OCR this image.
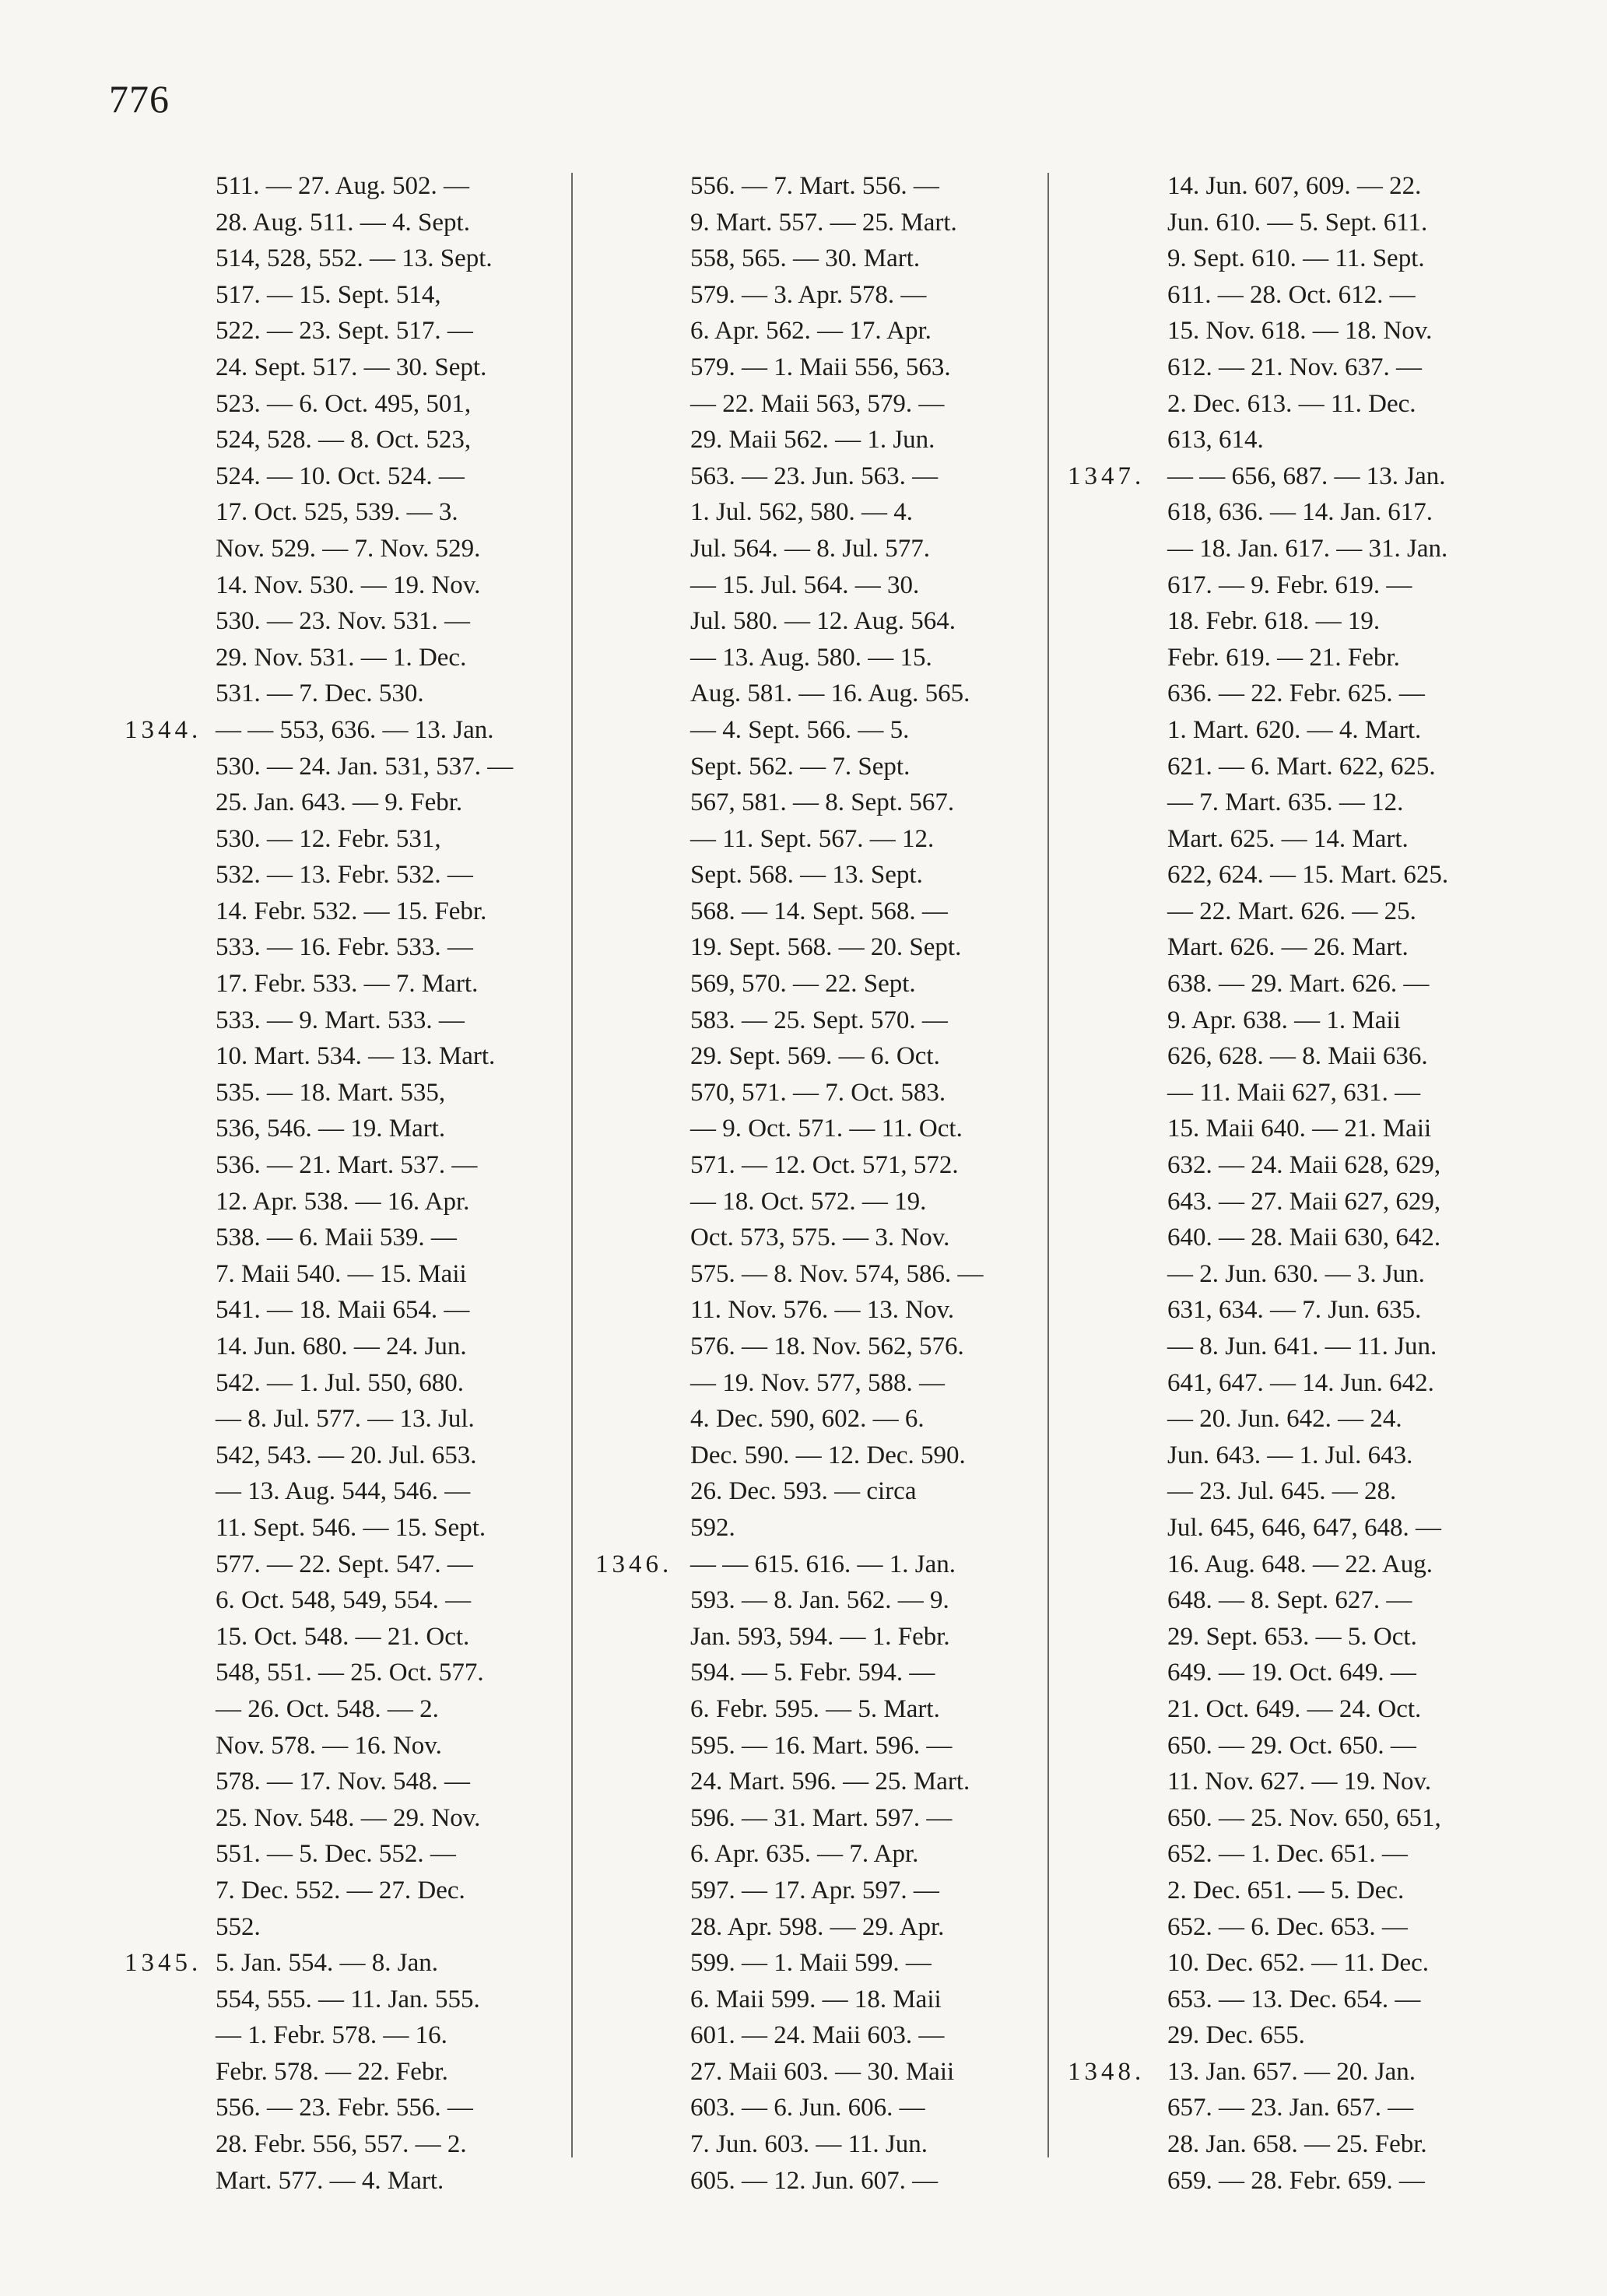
776
511. — 27. Aug. 502. —
28. Aug. 511. — 4. Sept.
514, 528, 552. — 13. Sept.
517. — 15. Sept. 514,
522. — 23. Sept. 517. —
24. Sept. 517. — 30. Sept.
523. — 6. Oct. 495, 501,
524, 528. — 8. Oct. 523,
524. — 10. Oct. 524. —
17. Oct. 525, 539. — 3.
Nov. 529. — 7. Nov. 529.
14. Nov. 530. — 19. Nov.
530. — 23. Nov. 531. —
29. Nov. 531. — 1. Dec.
531. — 7. Dec. 530.
1344. — — 553, 636. — 13. Jan.
530. — 24. Jan. 531, 537. —
25. Jan. 643. — 9. Febr.
530. — 12. Febr. 531,
532. — 13. Febr. 532. —
14. Febr. 532. — 15. Febr.
533. — 16. Febr. 533. —
17. Febr. 533. — 7. Mart.
533. — 9. Mart. 533. —
10. Mart. 534. — 13. Mart.
535. — 18. Mart. 535,
536, 546. — 19. Mart.
536. — 21. Mart. 537. —
12. Apr. 538. — 16. Apr.
538. — 6. Maii 539. —
7. Maii 540. — 15. Maii
541. — 18. Maii 654. —
14. Jun. 680. — 24. Jun.
542. — 1. Jul. 550, 680.
— 8. Jul. 577. — 13. Jul.
542, 543. — 20. Jul. 653.
— 13. Aug. 544, 546. —
11. Sept. 546. — 15. Sept.
577. — 22. Sept. 547. —
6. Oct. 548, 549, 554. —
15. Oct. 548. — 21. Oct.
548, 551. — 25. Oct. 577.
— 26. Oct. 548. — 2.
Nov. 578. — 16. Nov.
578. — 17. Nov. 548. —
25. Nov. 548. — 29. Nov.
551. — 5. Dec. 552. —
7. Dec. 552. — 27. Dec.
552.
1345. 5. Jan. 554. — 8. Jan.
554, 555. — 11. Jan. 555.
— 1. Febr. 578. — 16.
Febr. 578. — 22. Febr.
556. — 23. Febr. 556. —
28. Febr. 556, 557. — 2.
Mart. 577. — 4. Mart.
556. — 7. Mart. 556. —
9. Mart. 557. — 25. Mart.
558, 565. — 30. Mart.
579. — 3. Apr. 578. —
6. Apr. 562. — 17. Apr.
579. — 1. Maii 556, 563.
— 22. Maii 563, 579. —
29. Maii 562. — 1. Jun.
563. — 23. Jun. 563. —
1. Jul. 562, 580. — 4.
Jul. 564. — 8. Jul. 577.
— 15. Jul. 564. — 30.
Jul. 580. — 12. Aug. 564.
— 13. Aug. 580. — 15.
Aug. 581. — 16. Aug. 565.
— 4. Sept. 566. — 5.
Sept. 562. — 7. Sept.
567, 581. — 8. Sept. 567.
— 11. Sept. 567. — 12.
Sept. 568. — 13. Sept.
568. — 14. Sept. 568. —
19. Sept. 568. — 20. Sept.
569, 570. — 22. Sept.
583. — 25. Sept. 570. —
29. Sept. 569. — 6. Oct.
570, 571. — 7. Oct. 583.
— 9. Oct. 571. — 11. Oct.
571. — 12. Oct. 571, 572.
— 18. Oct. 572. — 19.
Oct. 573, 575. — 3. Nov.
575. — 8. Nov. 574, 586. —
11. Nov. 576. — 13. Nov.
576. — 18. Nov. 562, 576.
— 19. Nov. 577, 588. —
4. Dec. 590, 602. — 6.
Dec. 590. — 12. Dec. 590.
26. Dec. 593. — circa
592.
1346. — — 615. 616. — 1. Jan.
593. — 8. Jan. 562. — 9.
Jan. 593, 594. — 1. Febr.
594. — 5. Febr. 594. —
6. Febr. 595. — 5. Mart.
595. — 16. Mart. 596. —
24. Mart. 596. — 25. Mart.
596. — 31. Mart. 597. —
6. Apr. 635. — 7. Apr.
597. — 17. Apr. 597. —
28. Apr. 598. — 29. Apr.
599. — 1. Maii 599. —
6. Maii 599. — 18. Maii
601. — 24. Maii 603. —
27. Maii 603. — 30. Maii
603. — 6. Jun. 606. —
7. Jun. 603. — 11. Jun.
605. — 12. Jun. 607. —
14. Jun. 607, 609. — 22.
Jun. 610. — 5. Sept. 611.
9. Sept. 610. — 11. Sept.
611. — 28. Oct. 612. —
15. Nov. 618. — 18. Nov.
612. — 21. Nov. 637. —
2. Dec. 613. — 11. Dec.
613, 614.
1347. — — 656, 687. — 13. Jan.
618, 636. — 14. Jan. 617.
— 18. Jan. 617. — 31. Jan.
617. — 9. Febr. 619. —
18. Febr. 618. — 19.
Febr. 619. — 21. Febr.
636. — 22. Febr. 625. —
1. Mart. 620. — 4. Mart.
621. — 6. Mart. 622, 625.
— 7. Mart. 635. — 12.
Mart. 625. — 14. Mart.
622, 624. — 15. Mart. 625.
— 22. Mart. 626. — 25.
Mart. 626. — 26. Mart.
638. — 29. Mart. 626. —
9. Apr. 638. — 1. Maii
626, 628. — 8. Maii 636.
— 11. Maii 627, 631. —
15. Maii 640. — 21. Maii
632. — 24. Maii 628, 629,
643. — 27. Maii 627, 629,
640. — 28. Maii 630, 642.
— 2. Jun. 630. — 3. Jun.
631, 634. — 7. Jun. 635.
— 8. Jun. 641. — 11. Jun.
641, 647. — 14. Jun. 642.
— 20. Jun. 642. — 24.
Jun. 643. — 1. Jul. 643.
— 23. Jul. 645. — 28.
Jul. 645, 646, 647, 648. —
16. Aug. 648. — 22. Aug.
648. — 8. Sept. 627. —
29. Sept. 653. — 5. Oct.
649. — 19. Oct. 649. —
21. Oct. 649. — 24. Oct.
650. — 29. Oct. 650. —
11. Nov. 627. — 19. Nov.
650. — 25. Nov. 650, 651,
652. — 1. Dec. 651. —
2. Dec. 651. — 5. Dec.
652. — 6. Dec. 653. —
10. Dec. 652. — 11. Dec.
653. — 13. Dec. 654. —
29. Dec. 655.
1348. 13. Jan. 657. — 20. Jan.
657. — 23. Jan. 657. —
28. Jan. 658. — 25. Febr.
659. — 28. Febr. 659. —
